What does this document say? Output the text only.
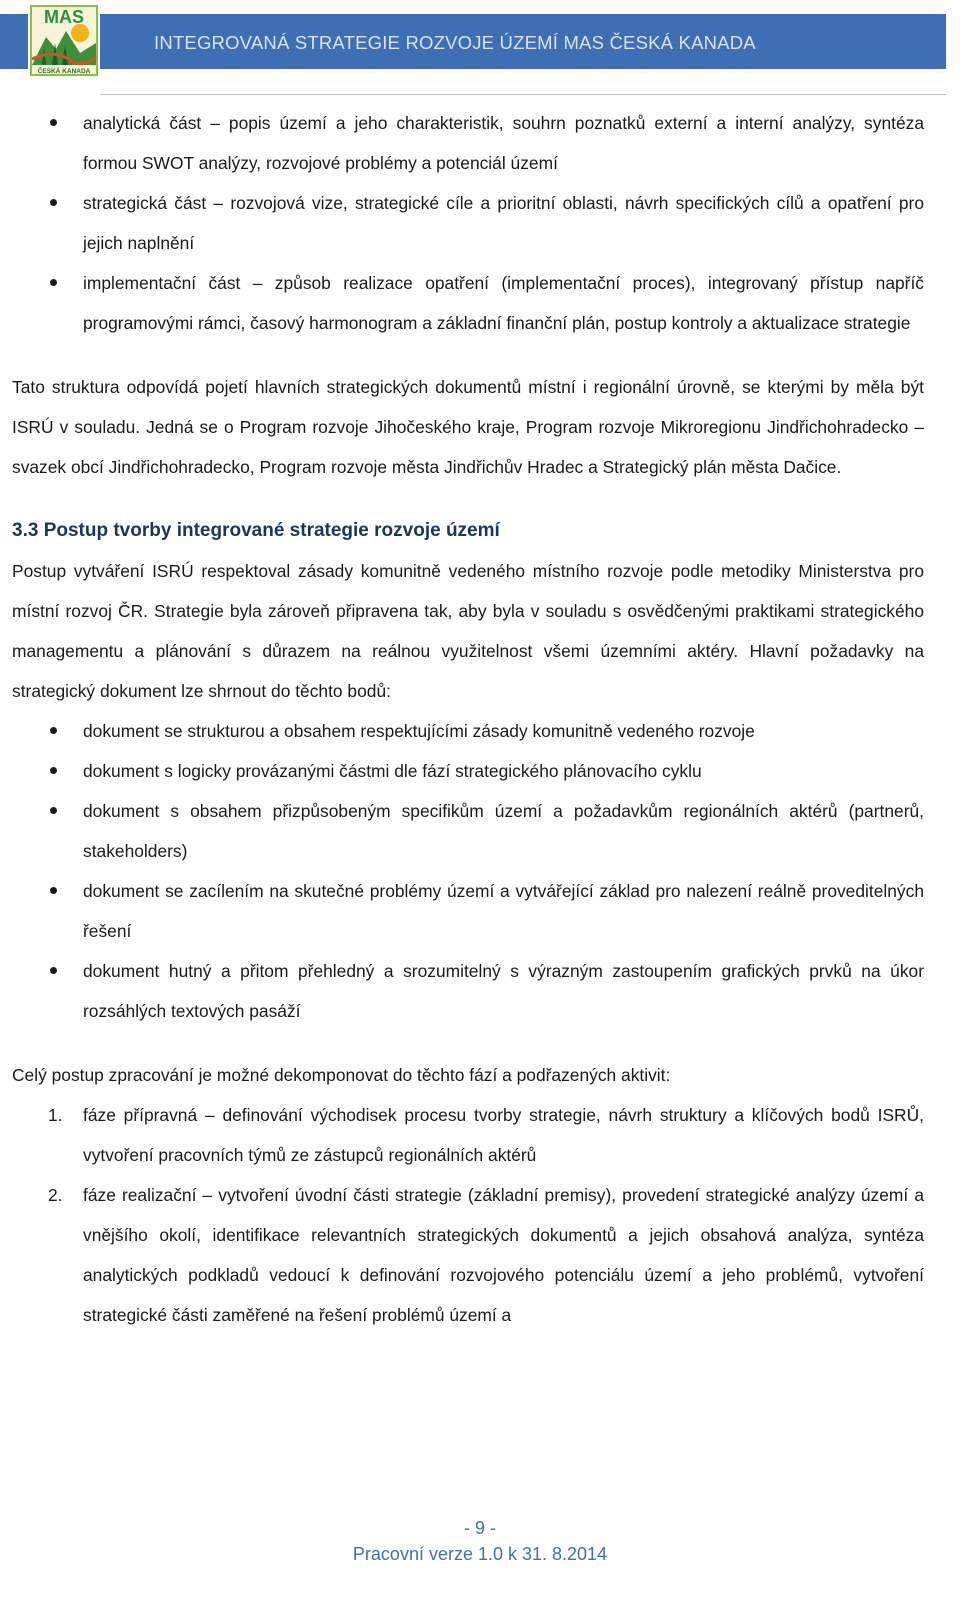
MAS
ČESKÁ KANADA
INTEGROVANÁ STRATEGIE ROZVOJE ÚZEMÍ MAS ČESKÁ KANADA
analytická část – popis území a jeho charakteristik, souhrn poznatků externí a interní analýzy, syntéza formou SWOT analýzy, rozvojové problémy a potenciál území
strategická část – rozvojová vize, strategické cíle a prioritní oblasti, návrh specifických cílů a opatření pro jejich naplnění
implementační část – způsob realizace opatření (implementační proces), integrovaný přístup napříč programovými rámci, časový harmonogram a základní finanční plán, postup kontroly a aktualizace strategie

Tato struktura odpovídá pojetí hlavních strategických dokumentů místní i regionální úrovně, se kterými by měla být ISRÚ v souladu. Jedná se o Program rozvoje Jihočeského kraje, Program rozvoje Mikroregionu Jindřichohradecko – svazek obcí Jindřichohradecko, Program rozvoje města Jindřichův Hradec a Strategický plán města Dačice.

3.3 Postup tvorby integrované strategie rozvoje území

Postup vytváření ISRÚ respektoval zásady komunitně vedeného místního rozvoje podle metodiky Ministerstva pro místní rozvoj ČR. Strategie byla zároveň připravena tak, aby byla v souladu s osvědčenými praktikami strategického managementu a plánování s důrazem na reálnou využitelnost všemi územními aktéry. Hlavní požadavky na strategický dokument lze shrnout do těchto bodů:

dokument se strukturou a obsahem respektujícími zásady komunitně vedeného rozvoje
dokument s logicky provázanými částmi dle fází strategického plánovacího cyklu
dokument s obsahem přizpůsobeným specifikům území a požadavkům regionálních aktérů (partnerů, stakeholders)
dokument se zacílením na skutečné problémy území a vytvářející základ pro nalezení reálně proveditelných řešení
dokument hutný a přitom přehledný a srozumitelný s výrazným zastoupením grafických prvků na úkor rozsáhlých textových pasáží

Celý postup zpracování je možné dekomponovat do těchto fází a podřazených aktivit:

1. fáze přípravná – definování východisek procesu tvorby strategie, návrh struktury a klíčových bodů ISRŮ, vytvoření pracovních týmů ze zástupců regionálních aktérů
2. fáze realizační – vytvoření úvodní části strategie (základní premisy), provedení strategické analýzy území a vnějšího okolí, identifikace relevantních strategických dokumentů a jejich obsahová analýza, syntéza analytických podkladů vedoucí k definování rozvojového potenciálu území a jeho problémů, vytvoření strategické části zaměřené na řešení problémů území a
- 9 -
Pracovní verze 1.0 k 31. 8.2014
